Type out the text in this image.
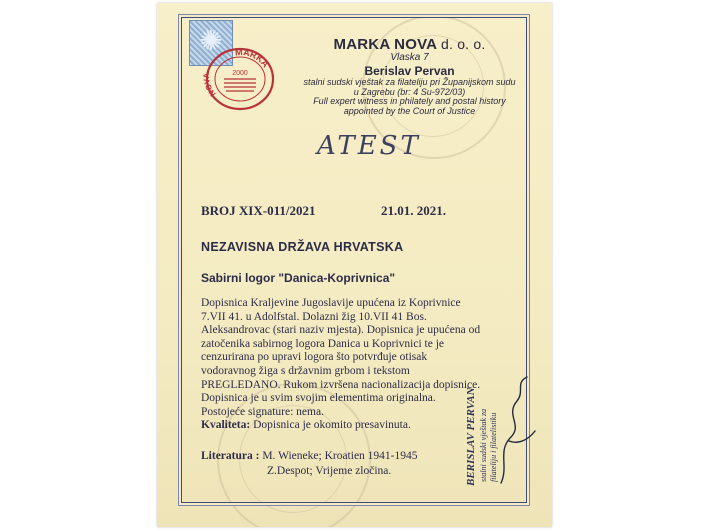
✺	MARKA
NOVA	2000
MARKA NOVA d. o. o.
Vlaska 7
Berislav Pervan
stalni sudski vještak za filateliju pri Županijskom sudu
u Zagrebu (br: 4 Su-972/03)
Full expert witness in philately and postal history
appointed by the Court of Justice
ATEST
BROJ XIX-011/2021	21.01. 2021.
NEZAVISNA DRŽAVA HRVATSKA
Sabirni logor "Danica-Koprivnica"

Dopisnica Kraljevine Jugoslavije upućena iz Koprivnice 7.VII 41. u Adolfstal. Dolazni žig 10.VII 41 Bos. Aleksandrovac (stari naziv mjesta). Dopisnica je upućena od zatočenika sabirnog logora Danica u Koprivnici te je cenzurirana po upravi logora što potvrđuje otisak vodoravnog žiga s državnim grbom i tekstom PREGLEDANO. Rukom izvršena nacionalizacija dopisnice.

Dopisnica je u svim svojim elementima originalna.

Postojeće signature: nema.

Kvaliteta: Dopisnica je okomito presavinuta.

Literatura : M. Wieneke; Kroatien 1941-1945
Z.Despot; Vrijeme zločina.	BERISLAV PERVAN stalni sudski vještak za filateliju i filatelistiku
